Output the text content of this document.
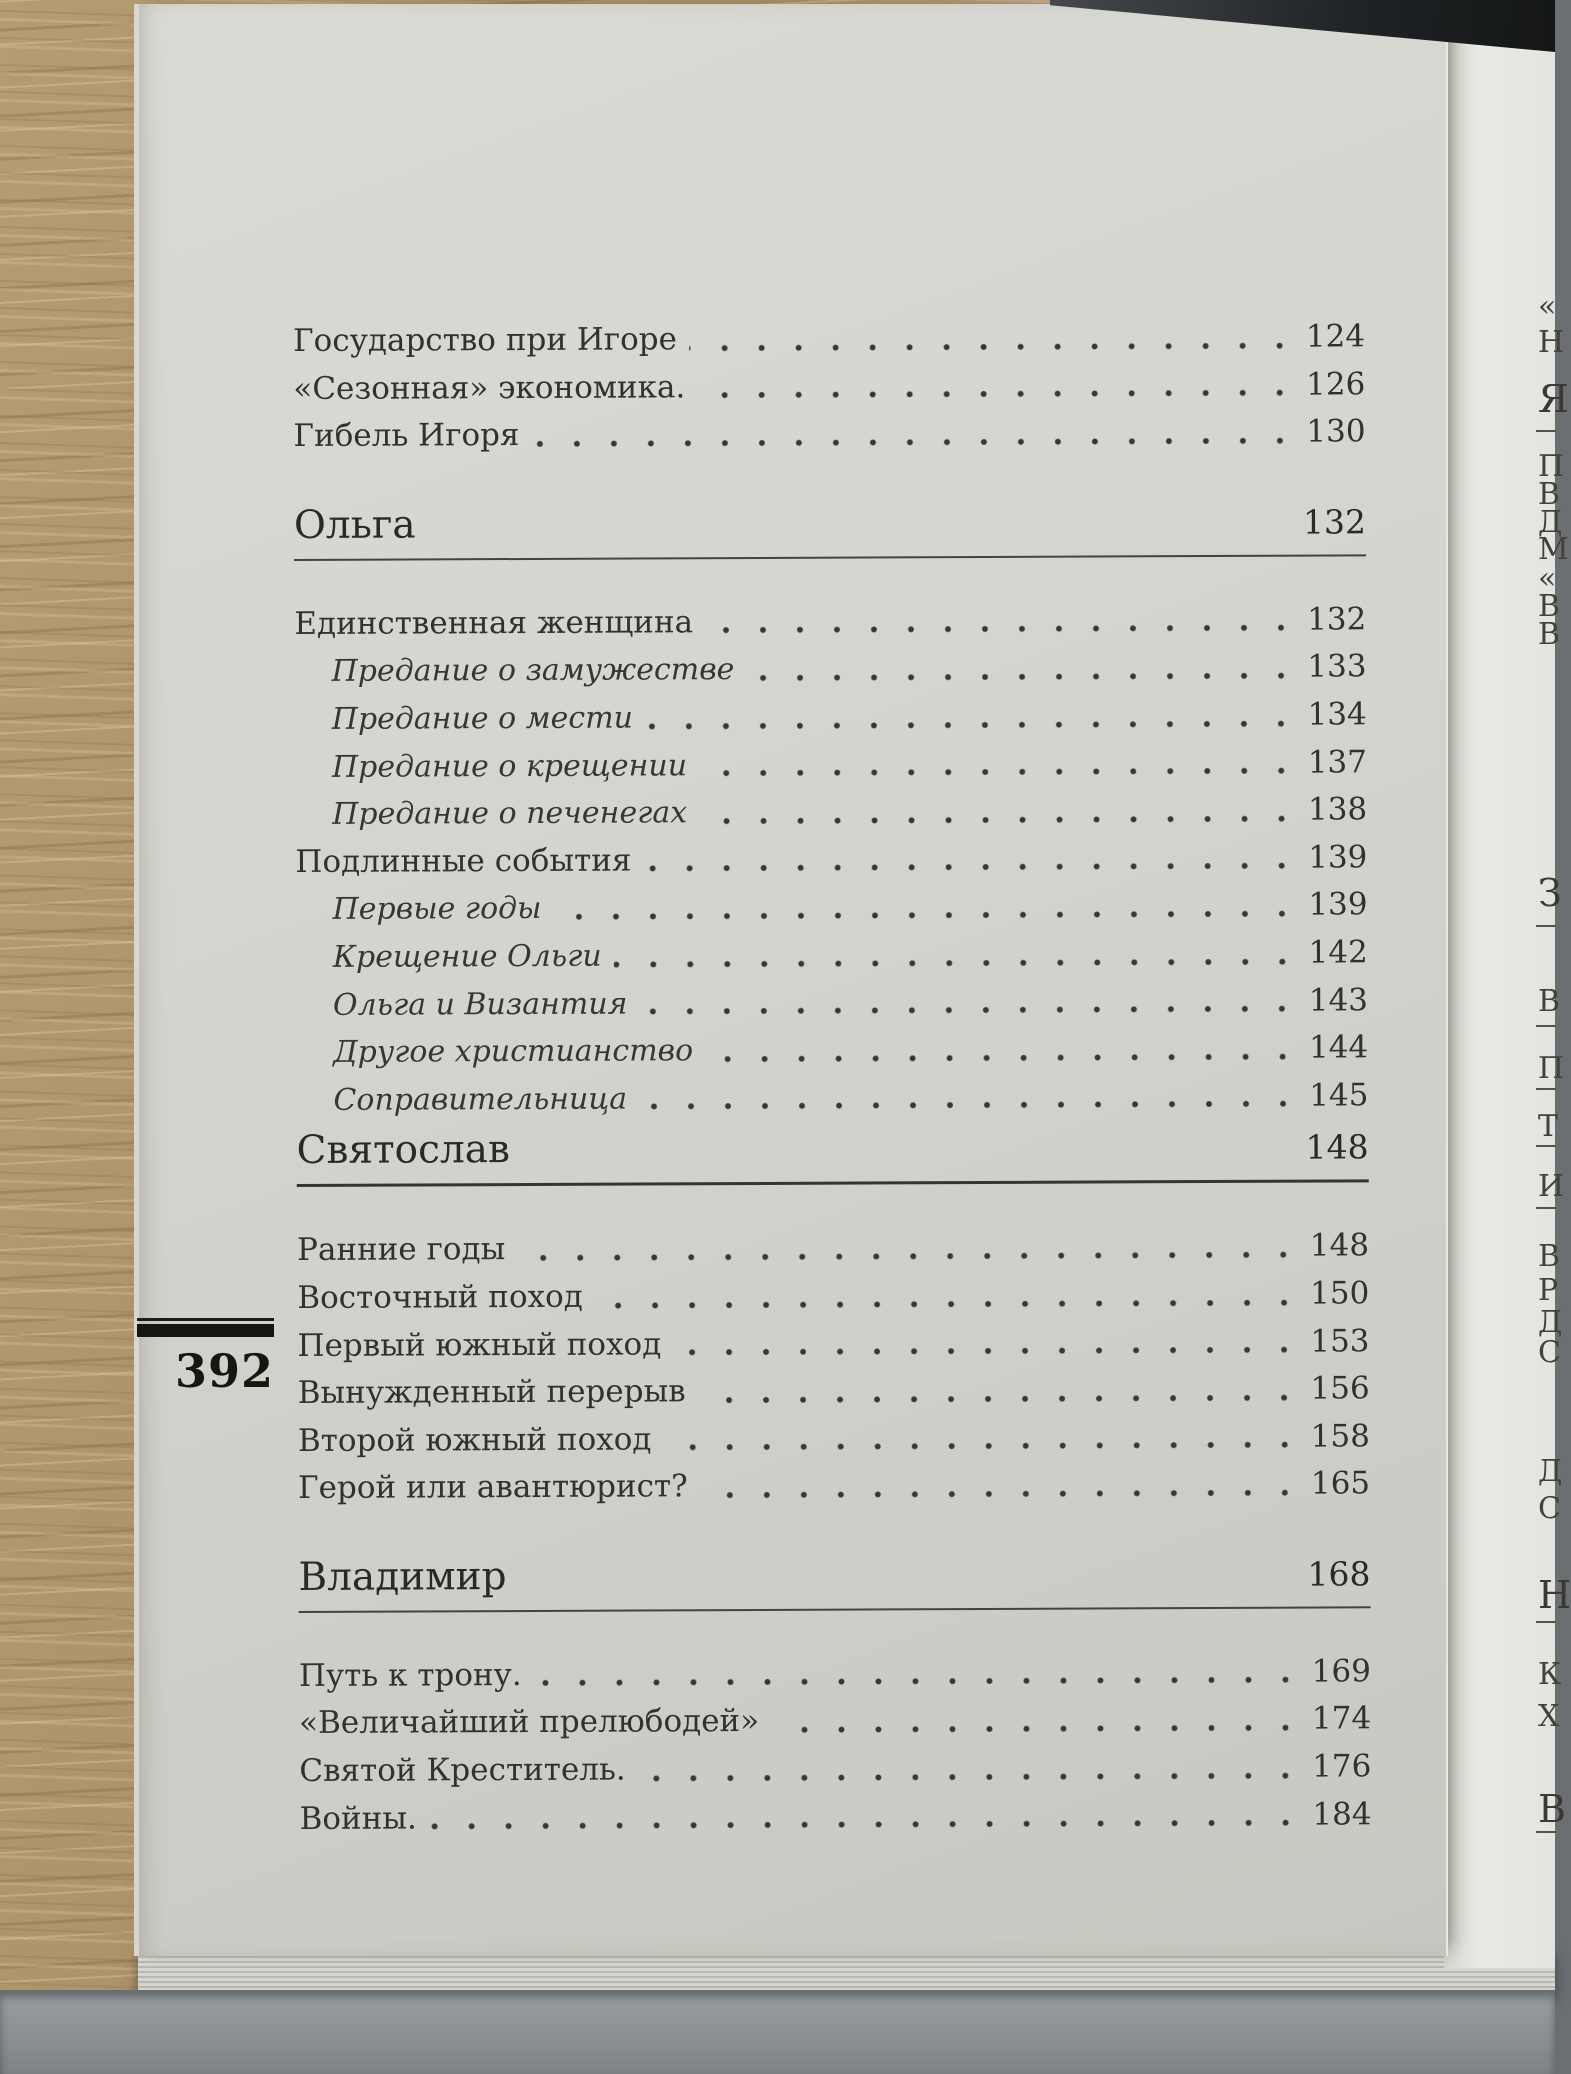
Государство при Игоре	124
«Сезонная» экономика.	126
Гибель Игоря	130
Ольга	132
Единственная женщина	132
Предание о замужестве	133
Предание о мести	134
Предание о крещении	137
Предание о печенегах	138
Подлинные события	139
Первые годы	139
Крещение Ольги	142
Ольга и Византия	143
Другое христианство	144
Соправительница	145
Святослав	148
Ранние годы	148
Восточный поход	150
Первый южный поход	153
Вынужденный перерыв	156
Второй южный поход	158
Герой или авантюрист?	165
Владимир	168
Путь к трону.	169
«Величайший прелюбодей»	174
Святой Креститель.	176
Войны.	184
392
«
Н
Я
П
В
Д
М
«
В
В
З
В
П
Т
И
В
Р
Д
С
Д
С
Н
К
Х
В
